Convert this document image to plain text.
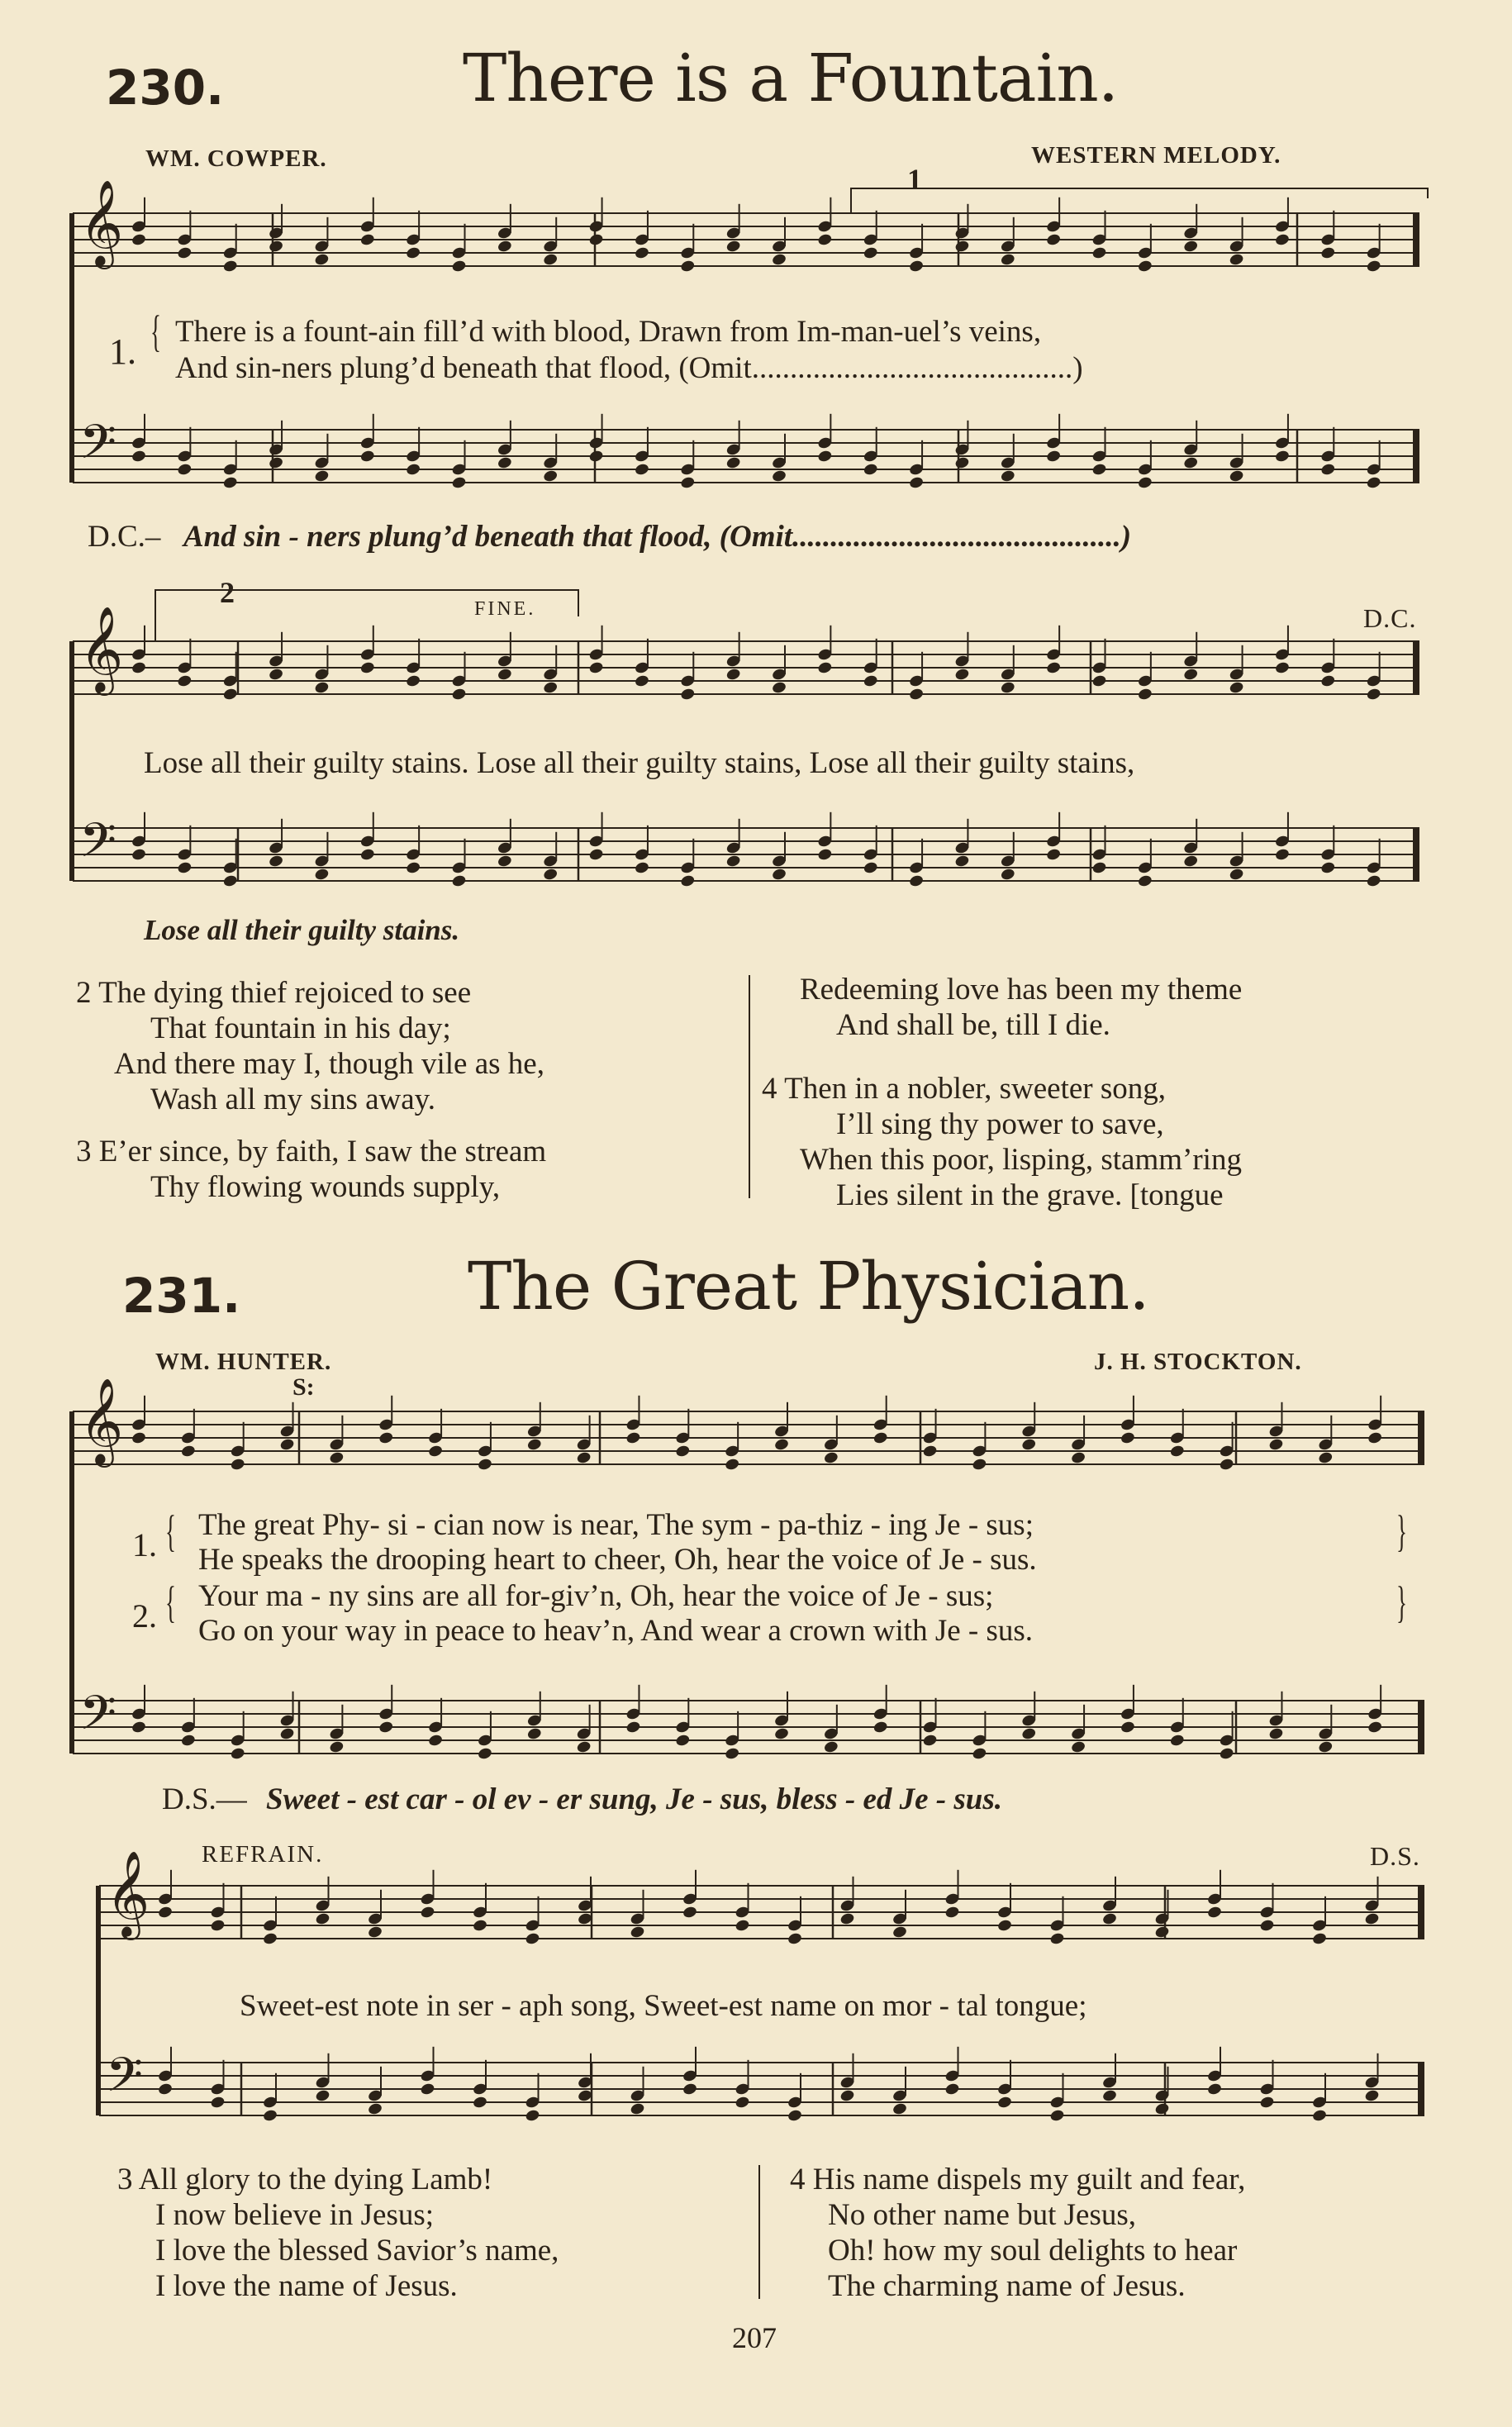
𝄞
𝄞
𝄞
𝄞
𝄢
𝄢
𝄢
𝄢
230.	There is a Fountain.
WM. COWPER.	WESTERN MELODY.
1
1. { There is a fount-ain fill’d with blood, Drawn from Im-man-uel’s veins,
And sin-ners plung’d beneath that flood, (Omit..........................................)
D.C.– And sin - ners plung’d beneath that flood, (Omit...........................................)
2	FINE.	D.C.
Lose all their guilty stains. Lose all their guilty stains, Lose all their guilty stains,
Lose all their guilty stains.
2 The dying thief rejoiced to see
That fountain in his day;
And there may I, though vile as he,
Wash all my sins away.
3 E’er since, by faith, I saw the stream
Thy flowing wounds supply,
Redeeming love has been my theme
And shall be, till I die.
4 Then in a nobler, sweeter song,
I’ll sing thy power to save,
When this poor, lisping, stamm’ring
Lies silent in the grave. [tongue
231.	The Great Physician.
WM. HUNTER.	J. H. STOCKTON.
S:
1. { The great Phy- si - cian now is near, The sym - pa-thiz - ing Je - sus;
He speaks the drooping heart to cheer, Oh, hear the voice of Je - sus.
}
2. { Your ma - ny sins are all for-giv’n, Oh, hear the voice of Je - sus;
Go on your way in peace to heav’n, And wear a crown with Je - sus.
}
D.S.— Sweet - est car - ol ev - er sung, Je - sus, bless - ed Je - sus.
REFRAIN.	D.S.
Sweet-est note in ser - aph song, Sweet-est name on mor - tal tongue;
3 All glory to the dying Lamb!
I now believe in Jesus;
I love the blessed Savior’s name,
I love the name of Jesus.
4 His name dispels my guilt and fear,
No other name but Jesus,
Oh! how my soul delights to hear
The charming name of Jesus.
207
